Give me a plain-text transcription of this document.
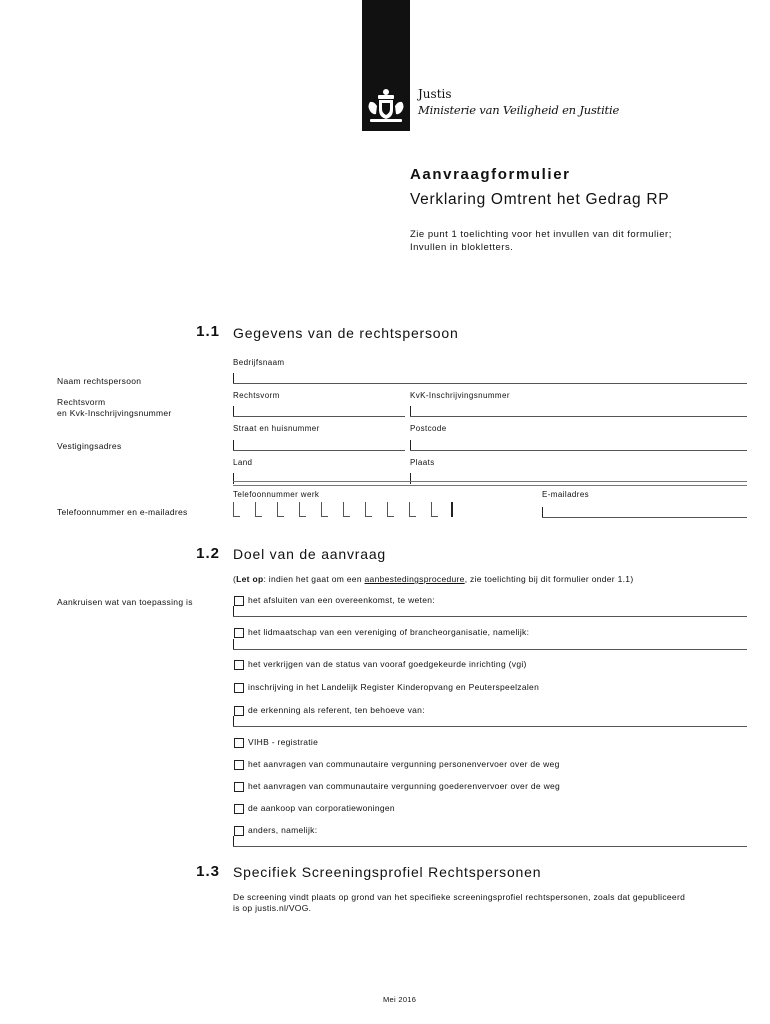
Justis
Ministerie van Veiligheid en Justitie
Aanvraagformulier
Verklaring Omtrent het Gedrag RP
Zie punt 1 toelichting voor het invullen van dit formulier;
Invullen in blokletters.
1.1 Gegevens van de rechtspersoon
Bedrijfsnaam
Naam rechtspersoon
Rechtsvorm	KvK-Inschrijvingsnummer
Rechtsvorm
en Kvk-Inschrijvingsnummer
Straat en huisnummer	Postcode
Vestigingsadres
Land	Plaats
Telefoonnummer werk	E-mailadres
Telefoonnummer en e-mailadres
1.2 Doel van de aanvraag
(Let op: indien het gaat om een aanbestedingsprocedure, zie toelichting bij dit formulier onder 1.1)
Aankruisen wat van toepassing is	het afsluiten van een overeenkomst, te weten:
het lidmaatschap van een vereniging of brancheorganisatie, namelijk:
het verkrijgen van de status van vooraf goedgekeurde inrichting (vgi)
inschrijving in het Landelijk Register Kinderopvang en Peuterspeelzalen
de erkenning als referent, ten behoeve van:
VIHB - registratie
het aanvragen van communautaire vergunning personenvervoer over de weg
het aanvragen van communautaire vergunning goederenvervoer over de weg
de aankoop van corporatiewoningen
anders, namelijk:
1.3 Specifiek Screeningsprofiel Rechtspersonen
De screening vindt plaats op grond van het specifieke screeningsprofiel rechtspersonen, zoals dat gepubliceerd
is op justis.nl/VOG.
Mei 2016
